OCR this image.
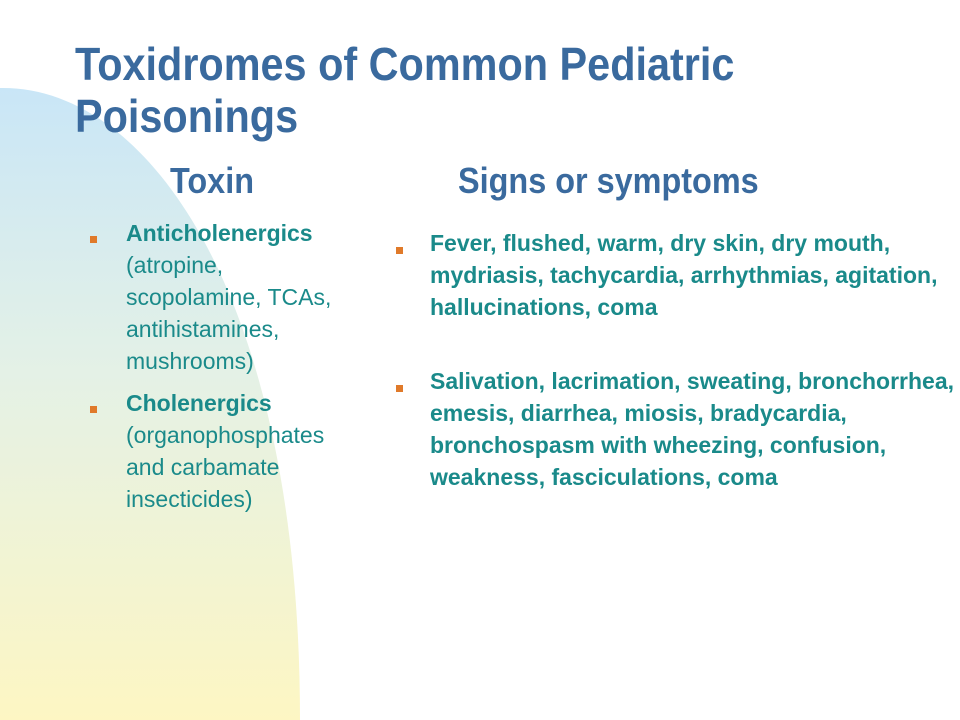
Toxidromes of Common Pediatric Poisonings
Toxin	Signs or symptoms
Anticholenergics (atropine, scopolamine, TCAs, antihistamines, mushrooms)
Cholenergics (organophosphates and carbamate insecticides)
Fever, flushed, warm, dry skin, dry mouth, mydriasis, tachycardia, arrhythmias, agitation, hallucinations, coma
Salivation, lacrimation, sweating, bronchorrhea, emesis, diarrhea, miosis, bradycardia, bronchospasm with wheezing, confusion, weakness, fasciculations, coma
